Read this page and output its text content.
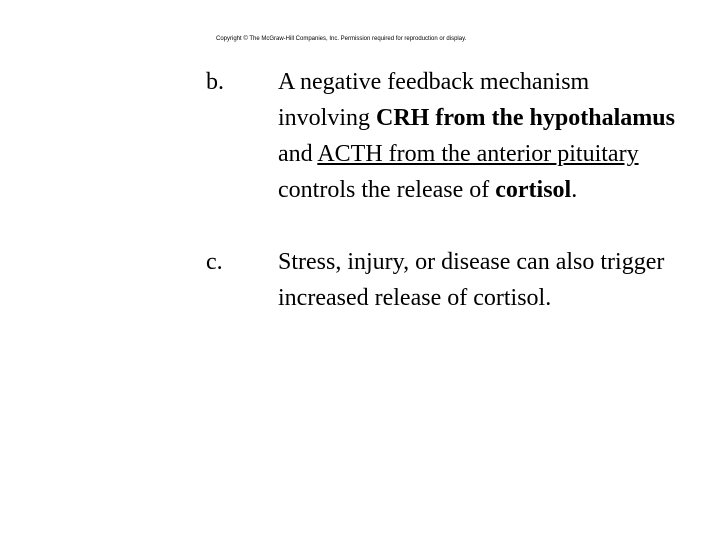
Copyright © The McGraw-Hill Companies, Inc. Permission required for reproduction or display.
b. A negative feedback mechanism involving CRH from the hypothalamus and ACTH from the anterior pituitary controls the release of cortisol.
c. Stress, injury, or disease can also trigger increased release of cortisol.
